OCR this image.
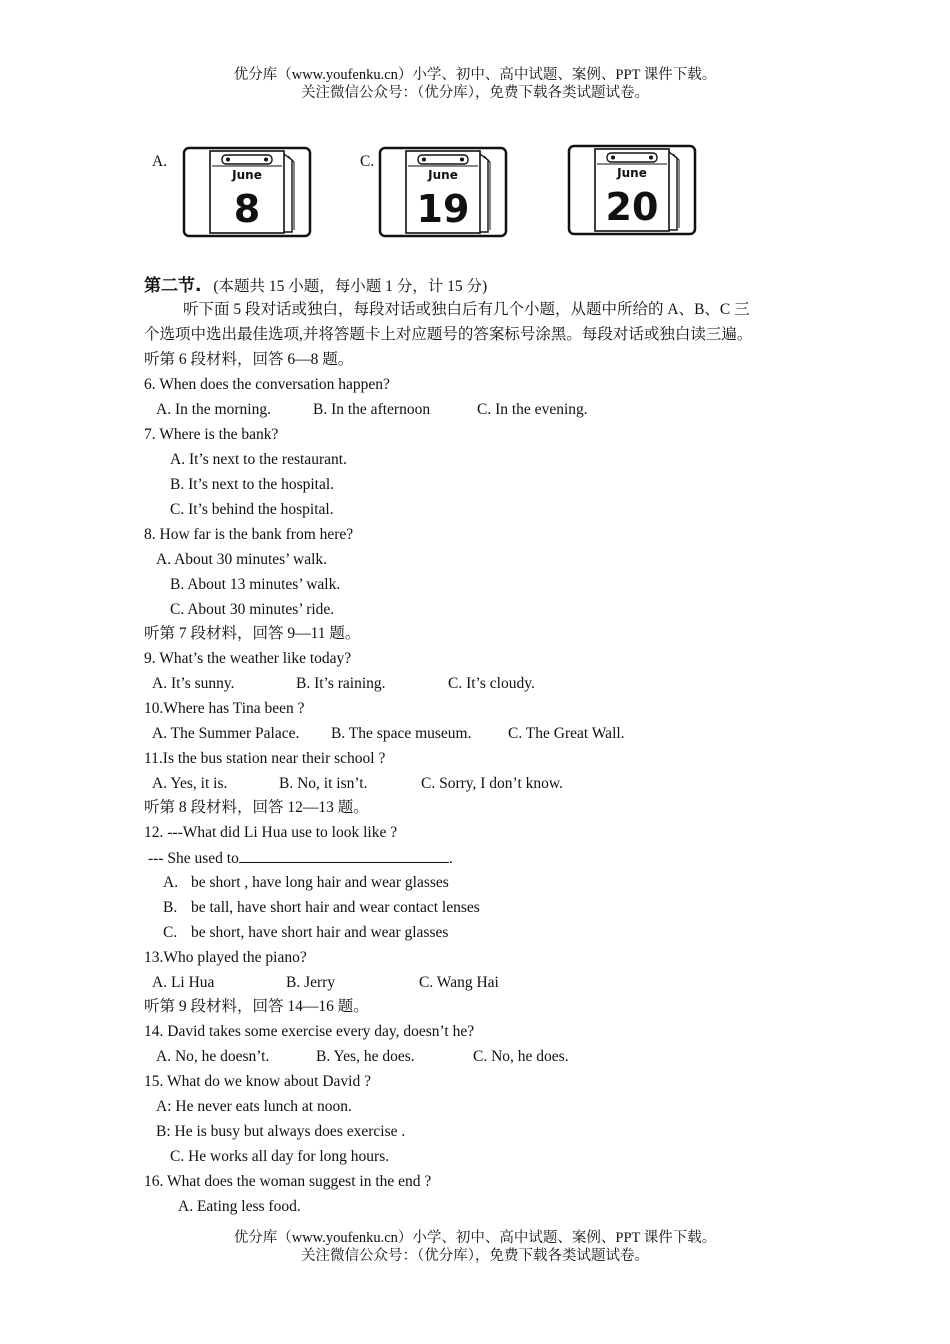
优分库（www.youfenku.cn）小学、初中、高中试题、案例、PPT 课件下载。
关注微信公众号：（优分库），免费下载各类试题试卷。
A.	C.
June
8
June
19
June
20
第二节. (本题共 15 小题，每小题 1 分，计 15 分)
听下面 5 段对话或独白，每段对话或独白后有几个小题，从题中所给的 A、B、C 三
个选项中选出最佳选项,并将答题卡上对应题号的答案标号涂黑。每段对话或独白读三遍。
听第 6 段材料，回答 6—8 题。
6. When does the conversation happen?
A. In the morning.	B. In the afternoon	C. In the evening.
7. Where is the bank?
A. It’s next to the restaurant.
B. It’s next to the hospital.
C. It’s behind the hospital.
8. How far is the bank from here?
A. About 30 minutes’ walk.
B. About 13 minutes’ walk.
C. About 30 minutes’ ride.
听第 7 段材料，回答 9—11 题。
9. What’s the weather like today?
A. It’s sunny.	B. It’s raining.	C. It’s cloudy.
10.Where has Tina been ?
A. The Summer Palace. B. The space museum. C. The Great Wall.
11.Is the bus station near their school ?
A. Yes, it is.	B. No, it isn’t.	C. Sorry, I don’t know.
听第 8 段材料，回答 12—13 题。
12. ---What did Li Hua use to look like ?
--- She used to	.
A. be short , have long hair and wear glasses
B. be tall, have short hair and wear contact lenses
C. be short, have short hair and wear glasses
13.Who played the piano?
A. Li Hua	B. Jerry	C. Wang Hai
听第 9 段材料，回答 14—16 题。
14. David takes some exercise every day, doesn’t he?
A. No, he doesn’t.	B. Yes, he does.	C. No, he does.
15. What do we know about David ?
A: He never eats lunch at noon.
B: He is busy but always does exercise .
C. He works all day for long hours.
16. What does the woman suggest in the end ?
A. Eating less food.
优分库（www.youfenku.cn）小学、初中、高中试题、案例、PPT 课件下载。
关注微信公众号：（优分库），免费下载各类试题试卷。
